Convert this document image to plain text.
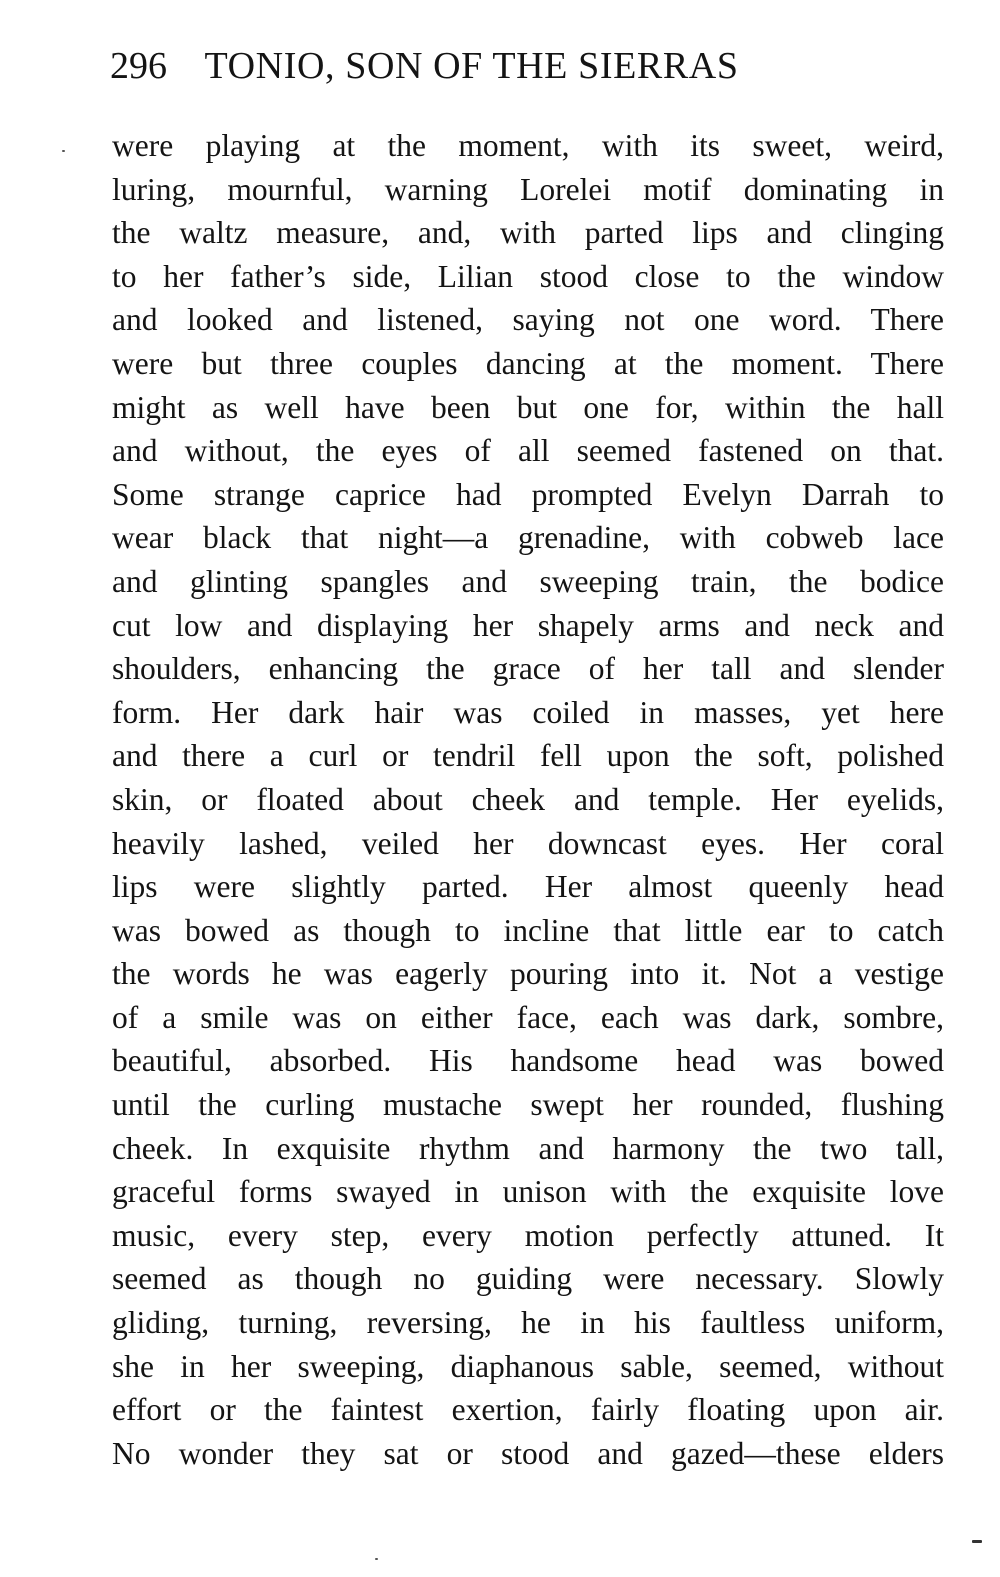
296 TONIO, SON OF THE SIERRAS
were playing at the moment, with its sweet, weird,
luring, mournful, warning Lorelei motif dominating in
the waltz measure, and, with parted lips and clinging
to her father’s side, Lilian stood close to the window
and looked and listened, saying not one word. There
were but three couples dancing at the moment. There
might as well have been but one for, within the hall
and without, the eyes of all seemed fastened on that.
Some strange caprice had prompted Evelyn Darrah to
wear black that night—a grenadine, with cobweb lace
and glinting spangles and sweeping train, the bodice
cut low and displaying her shapely arms and neck and
shoulders, enhancing the grace of her tall and slender
form. Her dark hair was coiled in masses, yet here
and there a curl or tendril fell upon the soft, polished
skin, or floated about cheek and temple. Her eyelids,
heavily lashed, veiled her downcast eyes. Her coral
lips were slightly parted. Her almost queenly head
was bowed as though to incline that little ear to catch
the words he was eagerly pouring into it. Not a vestige
of a smile was on either face, each was dark, sombre,
beautiful, absorbed. His handsome head was bowed
until the curling mustache swept her rounded, flushing
cheek. In exquisite rhythm and harmony the two tall,
graceful forms swayed in unison with the exquisite love
music, every step, every motion perfectly attuned. It
seemed as though no guiding were necessary. Slowly
gliding, turning, reversing, he in his faultless uniform,
she in her sweeping, diaphanous sable, seemed, without
effort or the faintest exertion, fairly floating upon air.
No wonder they sat or stood and gazed—these elders
